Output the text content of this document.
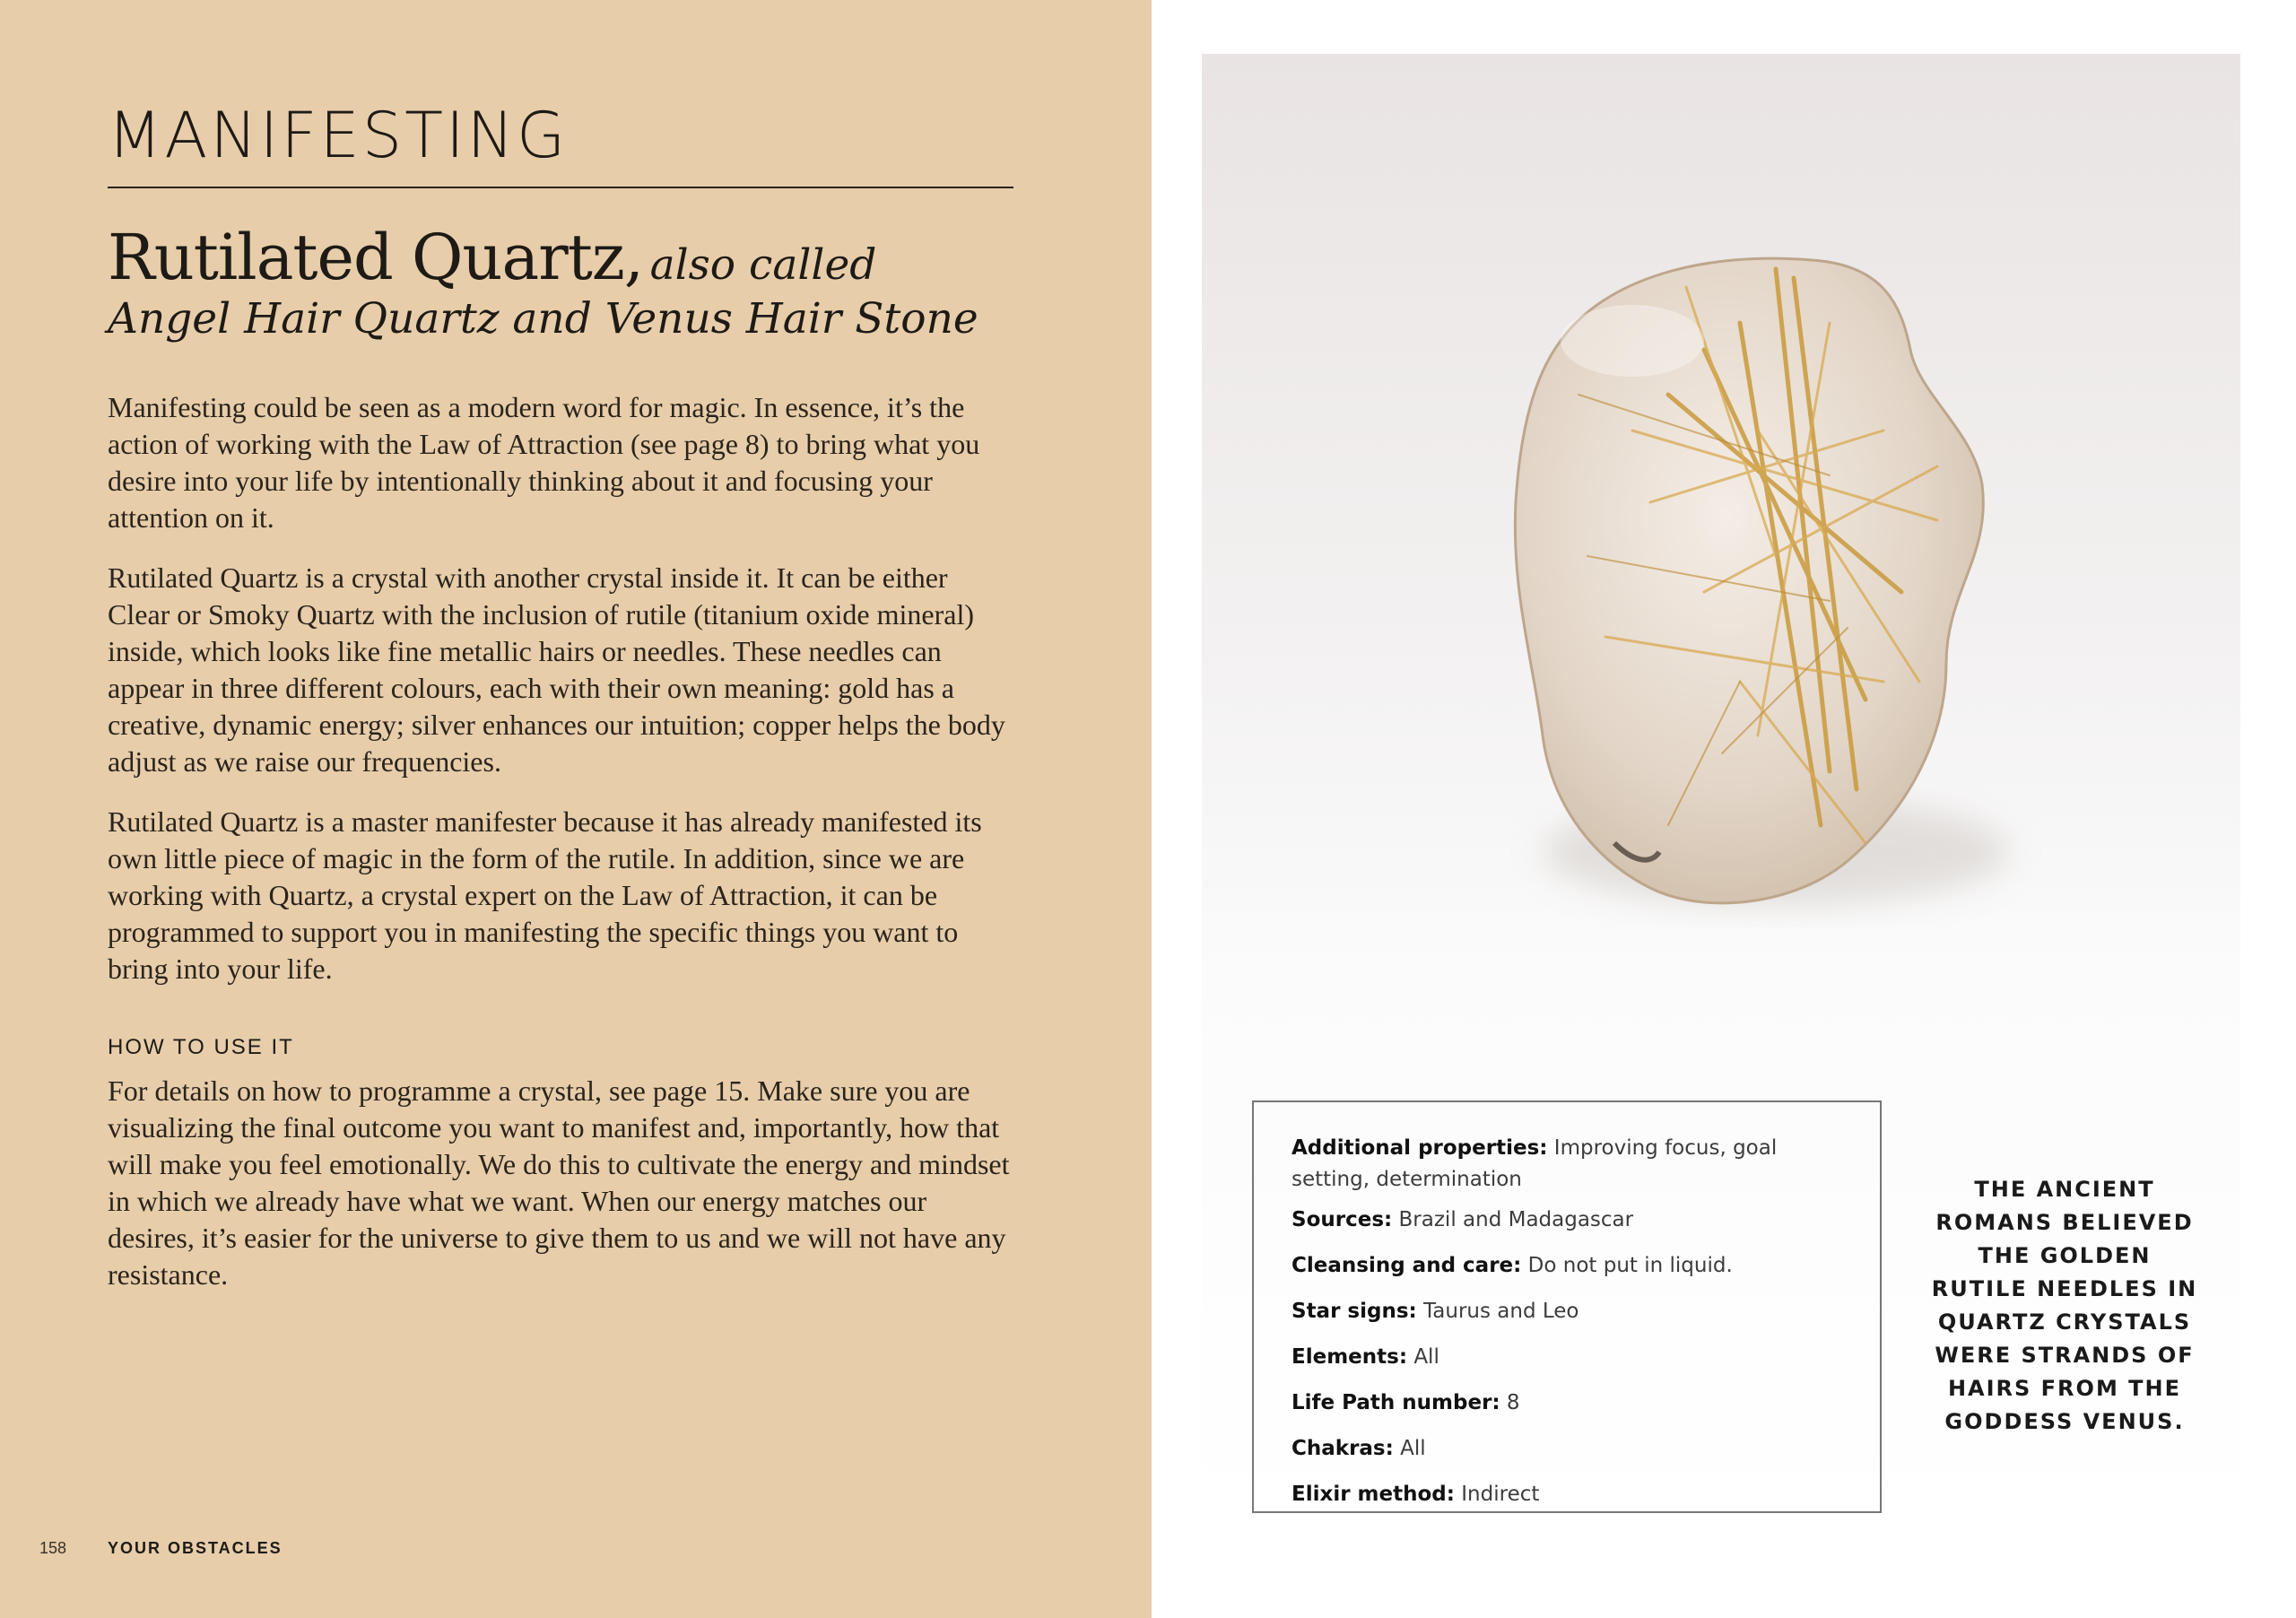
MANIFESTING
Rutilated Quartz, also called
Angel Hair Quartz and Venus Hair Stone

Manifesting could be seen as a modern word for magic. In essence, it’s the action of working with the Law of Attraction (see page 8) to bring what you desire into your life by intentionally thinking about it and focusing your attention on it.

Rutilated Quartz is a crystal with another crystal inside it. It can be either Clear or Smoky Quartz with the inclusion of rutile (titanium oxide mineral) inside, which looks like fine metallic hairs or needles. These needles can appear in three different colours, each with their own meaning: gold has a creative, dynamic energy; silver enhances our intuition; copper helps the body adjust as we raise our frequencies.

Rutilated Quartz is a master manifester because it has already manifested its own little piece of magic in the form of the rutile. In addition, since we are working with Quartz, a crystal expert on the Law of Attraction, it can be programmed to support you in manifesting the specific things you want to bring into your life.

HOW TO USE IT

For details on how to programme a crystal, see page 15. Make sure you are visualizing the final outcome you want to manifest and, importantly, how that will make you feel emotionally. We do this to cultivate the energy and mindset in which we already have what we want. When our energy matches our desires, it’s easier for the universe to give them to us and we will not have any resistance.

158	YOUR OBSTACLES

Additional properties: Improving focus, goal setting, determination

Sources: Brazil and Madagascar

Cleansing and care: Do not put in liquid.

Star signs: Taurus and Leo

Elements: All

Life Path number: 8

Chakras: All

Elixir method: Indirect

THE ANCIENT ROMANS BELIEVED THE GOLDEN RUTILE NEEDLES IN QUARTZ CRYSTALS WERE STRANDS OF HAIRS FROM THE GODDESS VENUS.
